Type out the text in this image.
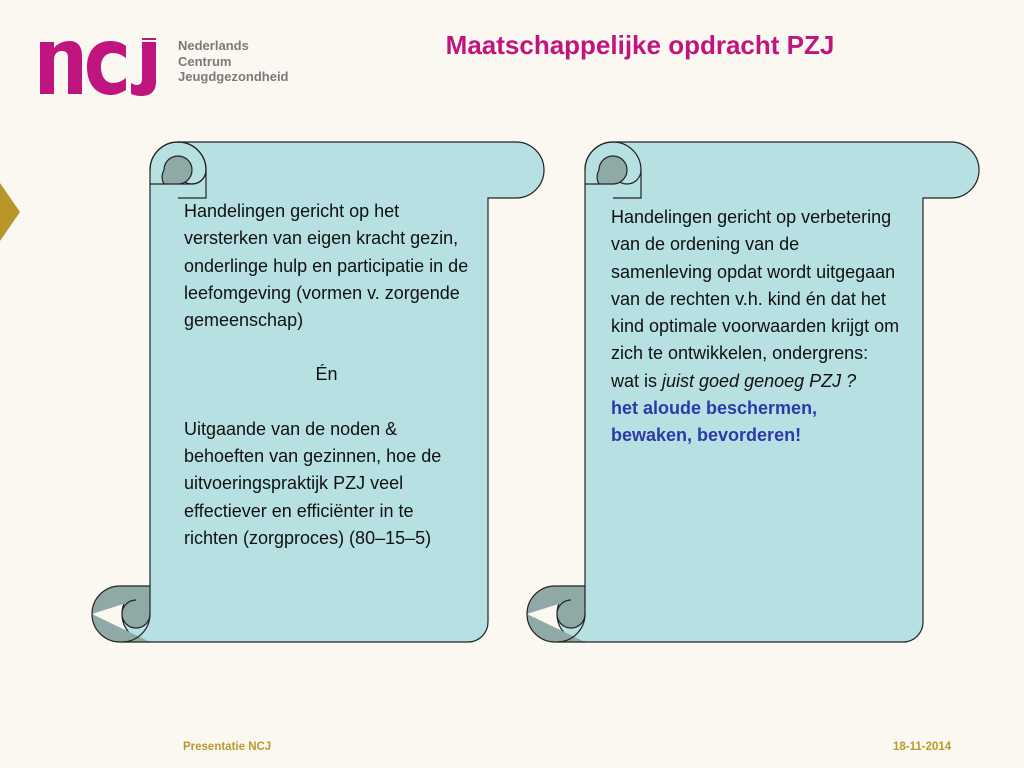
Nederlands
Centrum
Jeugdgezondheid
Maatschappelijke opdracht PZJ

Handelingen gericht op het versterken van eigen kracht gezin, onderlinge hulp en participatie in de leefomgeving (vormen v. zorgende gemeenschap)

Én

Uitgaande van de noden & behoeften van gezinnen, hoe de uitvoeringspraktijk PZJ veel effectiever en efficiënter in te richten (zorgproces) (80–15–5)

Handelingen gericht op verbetering van de ordening van de samenleving opdat wordt uitgegaan van de rechten v.h. kind én dat het kind optimale voorwaarden krijgt om zich te ontwikkelen, ondergrens: wat is juist goed genoeg PZJ ?

het aloude beschermen, bewaken, bevorderen!

Presentatie NCJ	18-11-2014
